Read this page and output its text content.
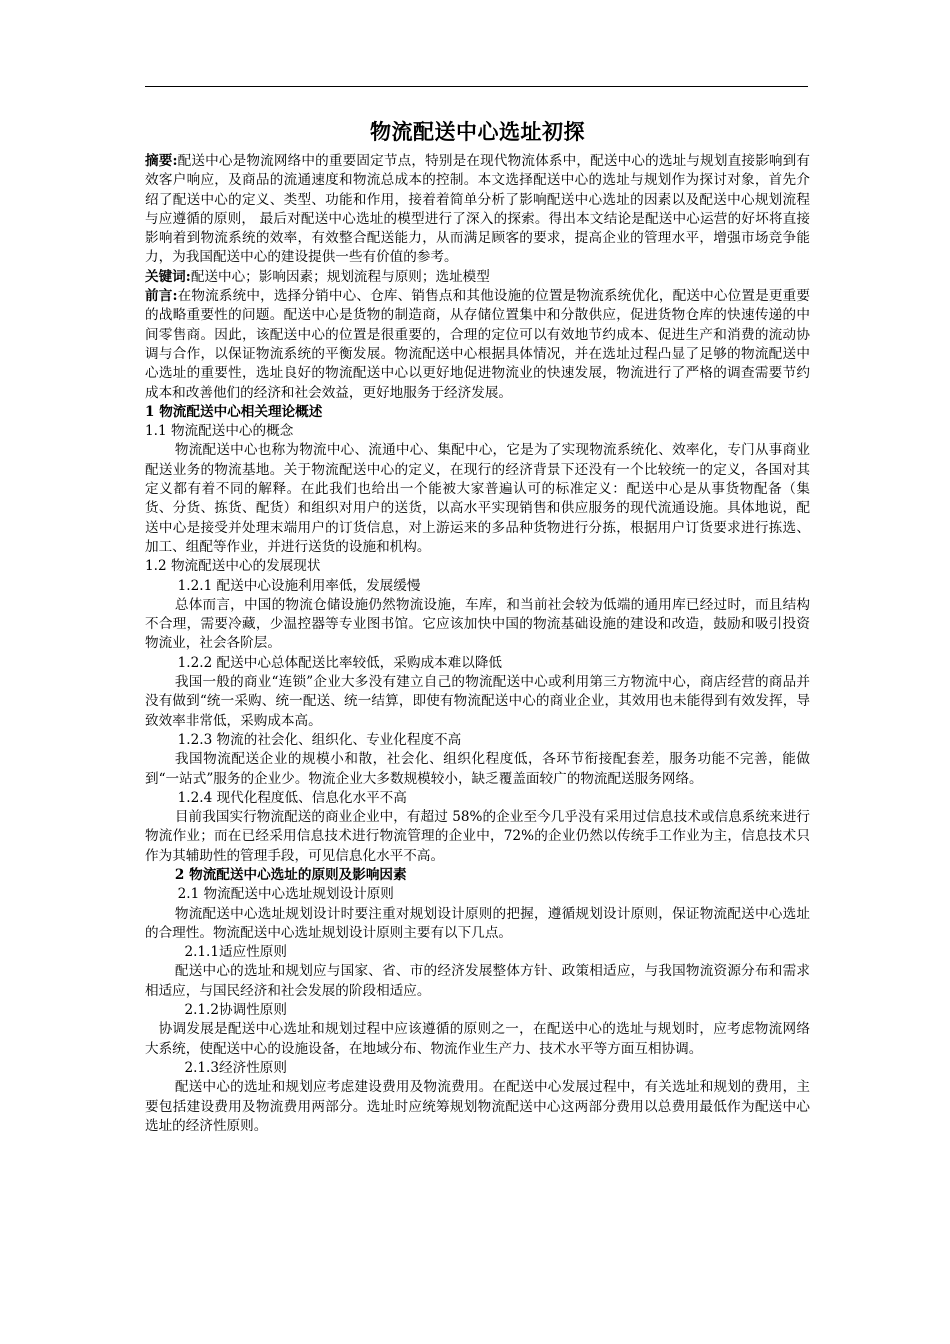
物流配送中心选址初探

摘要:配送中心是物流网络中的重要固定节点，特别是在现代物流体系中，配送中心的选址与规划直接影响到有效客户响应，及商品的流通速度和物流总成本的控制。本文选择配送中心的选址与规划作为探讨对象，首先介绍了配送中心的定义、类型、功能和作用，接着着简单分析了影响配送中心选址的因素以及配送中心规划流程与应遵循的原则， 最后对配送中心选址的模型进行了深入的探索。得出本文结论是配送中心运营的好坏将直接影响着到物流系统的效率，有效整合配送能力，从而满足顾客的要求，提高企业的管理水平，增强市场竞争能力，为我国配送中心的建设提供一些有价值的参考。

关键词:配送中心；影响因素；规划流程与原则；选址模型

前言:在物流系统中，选择分销中心、仓库、销售点和其他设施的位置是物流系统优化，配送中心位置是更重要的战略重要性的问题。配送中心是货物的制造商，从存储位置集中和分散供应，促进货物仓库的快速传递的中间零售商。因此，该配送中心的位置是很重要的，合理的定位可以有效地节约成本、促进生产和消费的流动协调与合作，以保证物流系统的平衡发展。物流配送中心根据具体情况，并在选址过程凸显了足够的物流配送中心选址的重要性，选址良好的物流配送中心以更好地促进物流业的快速发展，物流进行了严格的调查需要节约成本和改善他们的经济和社会效益，更好地服务于经济发展。

1 物流配送中心相关理论概述

1.1 物流配送中心的概念

物流配送中心也称为物流中心、流通中心、集配中心，它是为了实现物流系统化、效率化，专门从事商业配送业务的物流基地。关于物流配送中心的定义，在现行的经济背景下还没有一个比较统一的定义，各国对其定义都有着不同的解释。在此我们也给出一个能被大家普遍认可的标准定义：配送中心是从事货物配备（集货、分货、拣货、配货）和组织对用户的送货，以高水平实现销售和供应服务的现代流通设施。具体地说，配送中心是接受并处理末端用户的订货信息，对上游运来的多品种货物进行分拣，根据用户订货要求进行拣选、加工、组配等作业，并进行送货的设施和机构。

1.2 物流配送中心的发展现状

1.2.1 配送中心设施利用率低，发展缓慢

总体而言，中国的物流仓储设施仍然物流设施，车库，和当前社会较为低端的通用库已经过时，而且结构不合理，需要冷藏，少温控器等专业图书馆。它应该加快中国的物流基础设施的建设和改造，鼓励和吸引投资物流业，社会各阶层。

1.2.2 配送中心总体配送比率较低，采购成本难以降低

我国一般的商业“连锁”企业大多没有建立自己的物流配送中心或利用第三方物流中心，商店经营的商品并没有做到“统一采购、统一配送、统一结算，即使有物流配送中心的商业企业，其效用也未能得到有效发挥，导致效率非常低，采购成本高。

1.2.3 物流的社会化、组织化、专业化程度不高

我国物流配送企业的规模小和散，社会化、组织化程度低，各环节衔接配套差，服务功能不完善，能做到“一站式”服务的企业少。物流企业大多数规模较小，缺乏覆盖面较广的物流配送服务网络。

1.2.4 现代化程度低、信息化水平不高

目前我国实行物流配送的商业企业中，有超过 58%的企业至今几乎没有采用过信息技术或信息系统来进行物流作业；而在已经采用信息技术进行物流管理的企业中，72%的企业仍然以传统手工作业为主，信息技术只作为其辅助性的管理手段，可见信息化水平不高。

2 物流配送中心选址的原则及影响因素

2.1 物流配送中心选址规划设计原则

物流配送中心选址规划设计时要注重对规划设计原则的把握，遵循规划设计原则，保证物流配送中心选址的合理性。物流配送中心选址规划设计原则主要有以下几点。

2.1.1适应性原则

配送中心的选址和规划应与国家、省、市的经济发展整体方针、政策相适应，与我国物流资源分布和需求相适应，与国民经济和社会发展的阶段相适应。

2.1.2协调性原则

协调发展是配送中心选址和规划过程中应该遵循的原则之一，在配送中心的选址与规划时，应考虑物流网络大系统，使配送中心的设施设备，在地域分布、物流作业生产力、技术水平等方面互相协调。

2.1.3经济性原则

配送中心的选址和规划应考虑建设费用及物流费用。在配送中心发展过程中，有关选址和规划的费用，主要包括建设费用及物流费用两部分。选址时应统筹规划物流配送中心这两部分费用以总费用最低作为配送中心选址的经济性原则。
